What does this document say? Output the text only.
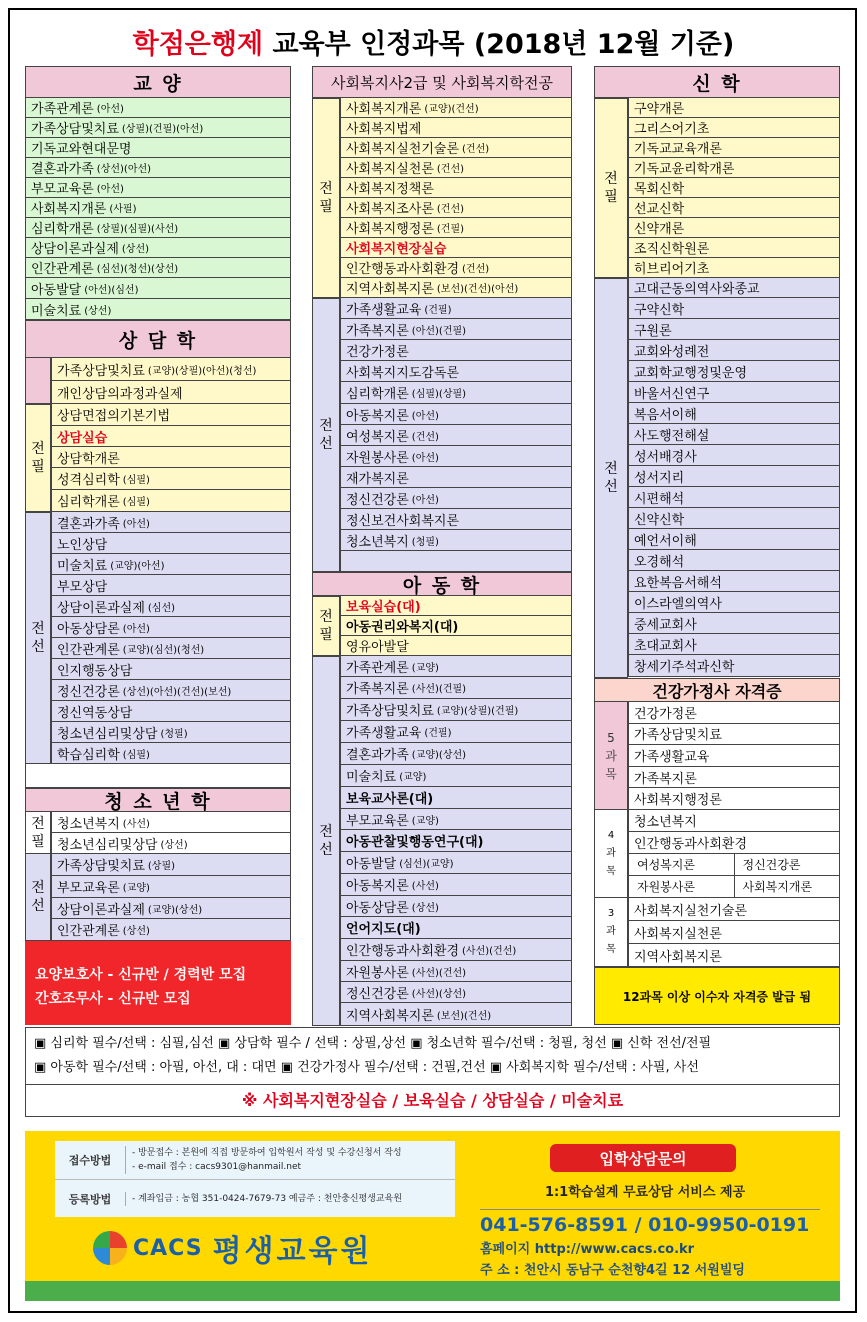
학점은행제 교육부 인정과목 (2018년 12월 기준)
교 양
가족관계론 (아선)
가족상담및치료 (상필)(건필)(아선)
기독교와현대문명
결혼과가족 (상선)(아선)
부모교육론 (아선)
사회복지개론 (사필)
심리학개론 (상필)(심필)(사선)
상담이론과실제 (상선)
인간관계론 (심선)(청선)(상선)
아동발달 (아선)(심선)
미술치료 (상선)
상 담 학
가족상담및치료 (교양)(상필)(아선)(청선)
개인상담의과정과실제
전필
상담면접의기본기법
상담실습
상담학개론
성격심리학 (심필)
심리학개론 (심필)
전선
결혼과가족 (아선)
노인상담
미술치료 (교양)(아선)
부모상담
상담이론과실제 (심선)
아동상담론 (아선)
인간관계론 (교양)(심선)(청선)
인지행동상담
정신건강론 (상선)(아선)(건선)(보선)
정신역동상담
청소년심리및상담 (청필)
학습심리학 (심필)
청 소 년 학
전필
청소년복지 (사선)
청소년심리및상담 (상선)
전선
가족상담및치료 (상필)
부모교육론 (교양)
상담이론과실제 (교양)(상선)
인간관계론 (상선)
요양보호사 - 신규반 / 경력반 모집
간호조무사 - 신규반 모집
사회복지사2급 및 사회복지학전공
전필
사회복지개론 (교양)(건선)
사회복지법제
사회복지실천기술론 (건선)
사회복지실천론 (건선)
사회복지정책론
사회복지조사론 (건선)
사회복지행정론 (건필)
사회복지현장실습
인간행동과사회환경 (건선)
지역사회복지론 (보선)(건선)(아선)
전선
가족생활교육 (건필)
가족복지론 (아선)(건필)
건강가정론
사회복지지도감독론
심리학개론 (심필)(상필)
아동복지론 (아선)
여성복지론 (건선)
자원봉사론 (아선)
재가복지론
정신건강론 (아선)
정신보건사회복지론
청소년복지 (청필)
아 동 학
전필
보육실습(대)
아동권리와복지(대)
영유아발달
전선
가족관계론 (교양)
가족복지론 (사선)(건필)
가족상담및치료 (교양)(상필)(건필)
가족생활교육 (건필)
결혼과가족 (교양)(상선)
미술치료 (교양)
보육교사론(대)
부모교육론 (교양)
아동관찰및행동연구(대)
아동발달 (심선)(교양)
아동복지론 (사선)
아동상담론 (상선)
언어지도(대)
인간행동과사회환경 (사선)(건선)
자원봉사론 (사선)(건선)
정신건강론 (사선)(상선)
지역사회복지론 (보선)(건선)
신 학
전필
구약개론
그리스어기초
기독교교육개론
기독교윤리학개론
목회신학
선교신학
신약개론
조직신학원론
히브리어기초
전선
고대근동의역사와종교
구약신학
구원론
교회와성례전
교회학교행정및운영
바울서신연구
복음서이해
사도행전해설
성서배경사
성서지리
시편해석
신약신학
예언서이해
오경해석
요한복음서해석
이스라엘의역사
중세교회사
초대교회사
창세기주석과신학
건강가정사 자격증
5과목
건강가정론
가족상담및치료
가족생활교육
가족복지론
사회복지행정론
4과목
청소년복지
인간행동과사회환경
여성복지론	정신건강론
자원봉사론	사회복지개론
3과목
사회복지실천기술론
사회복지실천론
지역사회복지론
12과목 이상 이수자 자격증 발급 됨
▣ 심리학 필수/선택 : 심필,심선 ▣ 상담학 필수 / 선택 : 상필,상선 ▣ 청소년학 필수/선택 : 청필, 청선 ▣ 신학 전선/전필
▣ 아동학 필수/선택 : 아필, 아선, 대 : 대면 ▣ 건강가정사 필수/선택 : 건필,건선 ▣ 사회복지학 필수/선택 : 사필, 사선
※ 사회복지현장실습 / 보육실습 / 상담실습 / 미술치료
접수방법
- 방문접수 : 본원에 직접 방문하여 입학원서 작성 및 수강신청서 작성
- e-mail 접수 : cacs9301@hanmail.net
등록방법	- 계좌입금 : 농협 351-0424-7679-73 예금주 : 천안충신평생교육원
CACS 평생교육원
입학상담문의
1:1학습설계 무료상담 서비스 제공
041-576-8591 / 010-9950-0191
홈페이지 http://www.cacs.co.kr
주 소 : 천안시 동남구 순천향4길 12 서원빌딩
